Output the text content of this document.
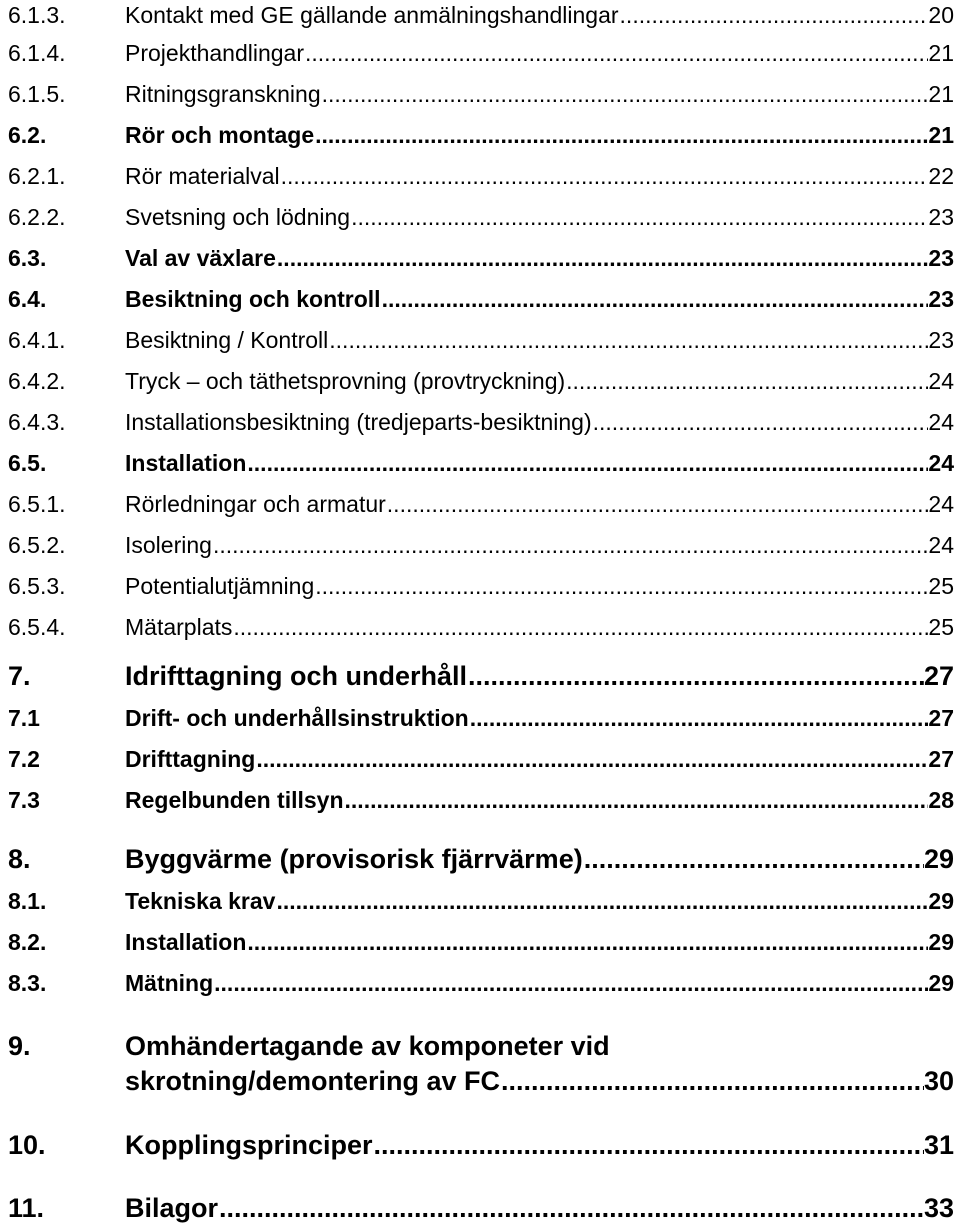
6.1.3.	Kontakt med GE gällande anmälningshandlingar .....	20
6.1.4.	Projekthandlingar .....	21
6.1.5.	Ritningsgranskning .....	21
6.2.	Rör och montage .....	21
6.2.1.	Rör materialval .....	22
6.2.2.	Svetsning och lödning .....	23
6.3.	Val av växlare .....	23
6.4.	Besiktning och kontroll .....	23
6.4.1.	Besiktning / Kontroll .....	23
6.4.2.	Tryck – och täthetsprovning (provtryckning) .....	24
6.4.3.	Installationsbesiktning (tredjeparts-besiktning) .....	24
6.5.	Installation .....	24
6.5.1.	Rörledningar och armatur .....	24
6.5.2.	Isolering .....	24
6.5.3.	Potentialutjämning .....	25
6.5.4.	Mätarplats .....	25
7.	Idrifttagning och underhåll .....	27
7.1	Drift- och underhållsinstruktion .....	27
7.2	Drifttagning .....	27
7.3	Regelbunden tillsyn .....	28
8.	Byggvärme (provisorisk fjärrvärme) .....	29
8.1.	Tekniska krav .....	29
8.2.	Installation .....	29
8.3.	Mätning .....	29
9.	Omhändertagande av komponeter vid
skrotning/demontering av FC .....	30
10.	Kopplingsprinciper .....	31
11.	Bilagor .....	33
